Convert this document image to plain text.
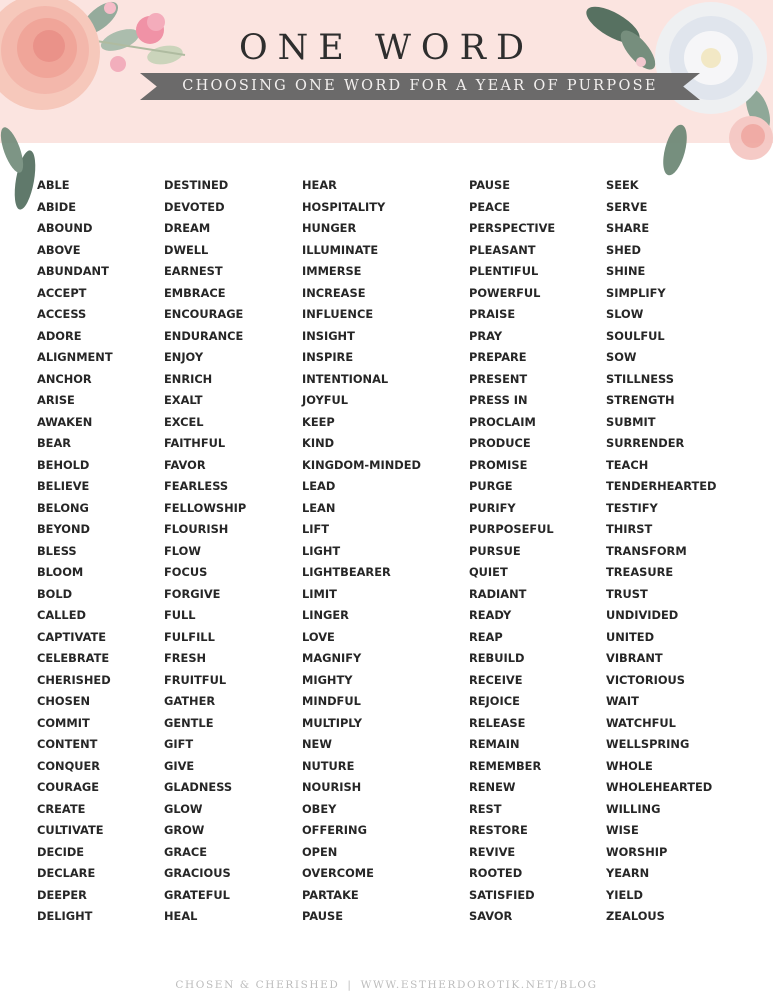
ONE WORD
CHOOSING ONE WORD FOR A YEAR OF PURPOSE
ABLE
ABIDE
ABOUND
ABOVE
ABUNDANT
ACCEPT
ACCESS
ADORE
ALIGNMENT
ANCHOR
ARISE
AWAKEN
BEAR
BEHOLD
BELIEVE
BELONG
BEYOND
BLESS
BLOOM
BOLD
CALLED
CAPTIVATE
CELEBRATE
CHERISHED
CHOSEN
COMMIT
CONTENT
CONQUER
COURAGE
CREATE
CULTIVATE
DECIDE
DECLARE
DEEPER
DELIGHT
DESTINED
DEVOTED
DREAM
DWELL
EARNEST
EMBRACE
ENCOURAGE
ENDURANCE
ENJOY
ENRICH
EXALT
EXCEL
FAITHFUL
FAVOR
FEARLESS
FELLOWSHIP
FLOURISH
FLOW
FOCUS
FORGIVE
FULL
FULFILL
FRESH
FRUITFUL
GATHER
GENTLE
GIFT
GIVE
GLADNESS
GLOW
GROW
GRACE
GRACIOUS
GRATEFUL
HEAL
HEAR
HOSPITALITY
HUNGER
ILLUMINATE
IMMERSE
INCREASE
INFLUENCE
INSIGHT
INSPIRE
INTENTIONAL
JOYFUL
KEEP
KIND
KINGDOM-MINDED
LEAD
LEAN
LIFT
LIGHT
LIGHTBEARER
LIMIT
LINGER
LOVE
MAGNIFY
MIGHTY
MINDFUL
MULTIPLY
NEW
NUTURE
NOURISH
OBEY
OFFERING
OPEN
OVERCOME
PARTAKE
PAUSE
PAUSE
PEACE
PERSPECTIVE
PLEASANT
PLENTIFUL
POWERFUL
PRAISE
PRAY
PREPARE
PRESENT
PRESS IN
PROCLAIM
PRODUCE
PROMISE
PURGE
PURIFY
PURPOSEFUL
PURSUE
QUIET
RADIANT
READY
REAP
REBUILD
RECEIVE
REJOICE
RELEASE
REMAIN
REMEMBER
RENEW
REST
RESTORE
REVIVE
ROOTED
SATISFIED
SAVOR
SEEK
SERVE
SHARE
SHED
SHINE
SIMPLIFY
SLOW
SOULFUL
SOW
STILLNESS
STRENGTH
SUBMIT
SURRENDER
TEACH
TENDERHEARTED
TESTIFY
THIRST
TRANSFORM
TREASURE
TRUST
UNDIVIDED
UNITED
VIBRANT
VICTORIOUS
WAIT
WATCHFUL
WELLSPRING
WHOLE
WHOLEHEARTED
WILLING
WISE
WORSHIP
YEARN
YIELD
ZEALOUS
CHOSEN & CHERISHED | WWW.ESTHERDOROTIK.NET/BLOG
